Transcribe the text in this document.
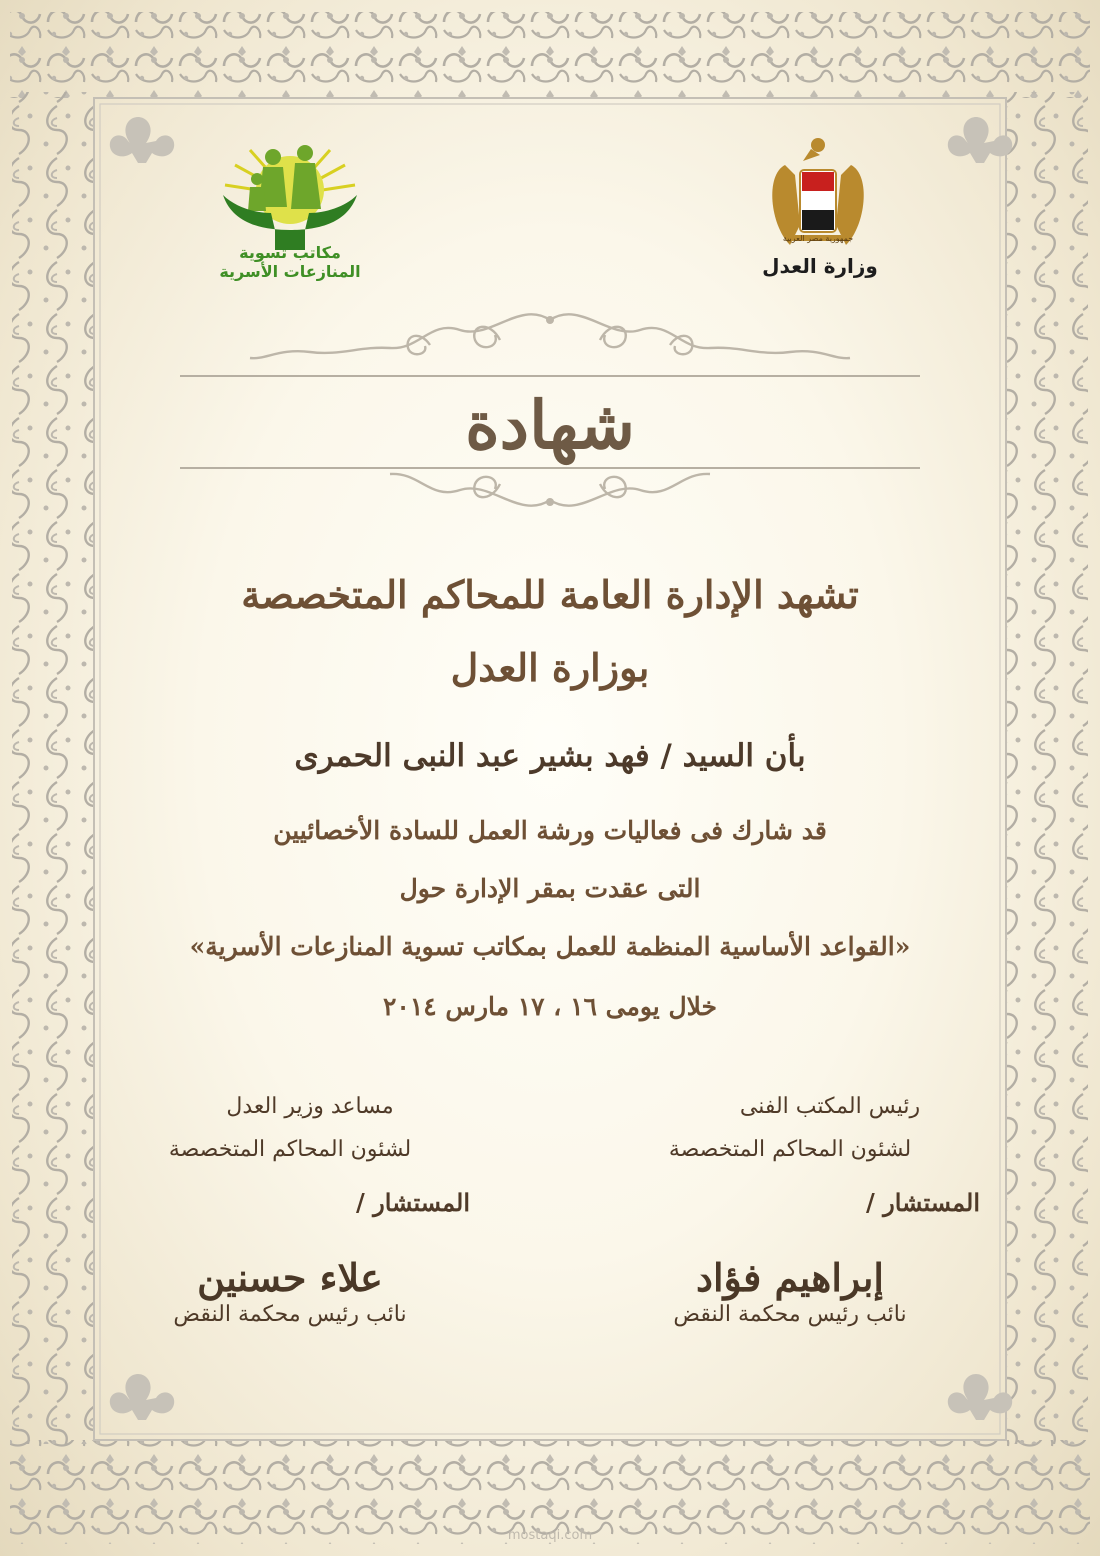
مكاتب تسوية
المنازعات الأسرية
جمهورية مصر العربية
وزارة العدل
شهادة
تشهد الإدارة العامة للمحاكم المتخصصة
بوزارة العدل
بأن السيد / فهد بشير عبد النبى الحمرى
قد شارك فى فعاليات ورشة العمل للسادة الأخصائيين
التى عقدت بمقر الإدارة حول
«القواعد الأساسية المنظمة للعمل بمكاتب تسوية المنازعات الأسرية»
خلال يومى ١٦ ، ١٧ مارس ٢٠١٤
رئيس المكتب الفنى
لشئون المحاكم المتخصصة
المستشار /
إبراهيم فؤاد
نائب رئيس محكمة النقض
مساعد وزير العدل
لشئون المحاكم المتخصصة
المستشار /
علاء حسنين
نائب رئيس محكمة النقض
mostaqi.com
